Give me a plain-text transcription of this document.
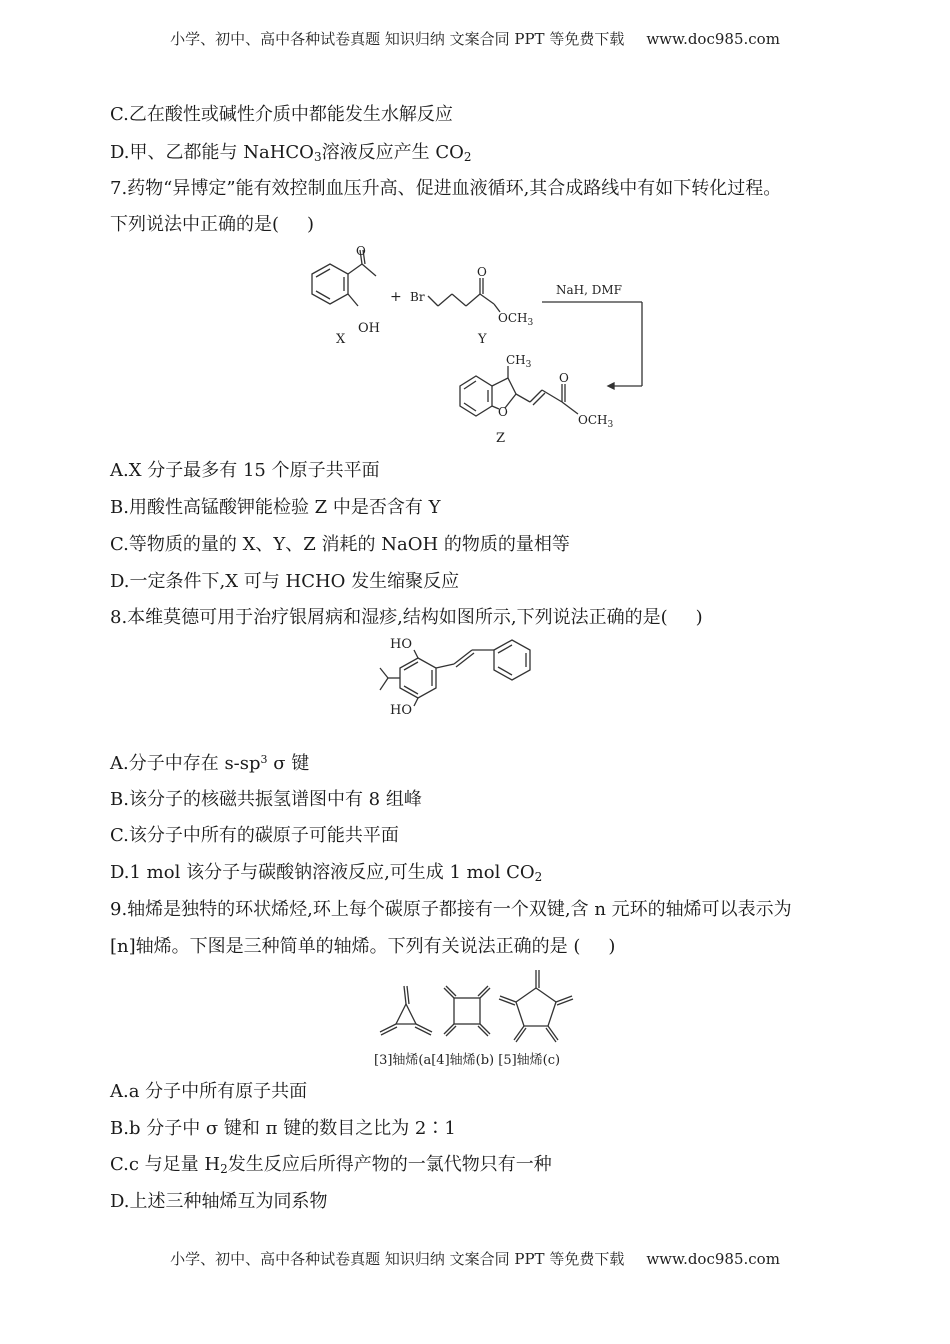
小学、初中、高中各种试卷真题 知识归纳 文案合同 PPT 等免费下载 www.doc985.com
C.乙在酸性或碱性介质中都能发生水解反应
D.甲、乙都能与 NaHCO$_3$溶液反应产生 $CO_2$
7.药物“异博定”能有效控制血压升高、促进血液循环,其合成路线中有如下转化过程。
下列说法中正确的是( )
O
OH
X
+ Br
O
$OCH_3$
Y
NaH, DMF
$CH_3$
O
O
$OCH_3$
Z
A.X 分子最多有 15 个原子共平面
B.用酸性高锰酸钾能检验 Z 中是否含有 Y
C.等物质的量的 X、Y、Z 消耗的 NaOH 的物质的量相等
D.一定条件下,X 可与 HCHO 发生缩聚反应
8.本维莫德可用于治疗银屑病和湿疹,结构如图所示,下列说法正确的是( )
HO
HO
A.分子中存在 $s-sp^3$ σ 键
B.该分子的核磁共振氢谱图中有 8 组峰
C.该分子中所有的碳原子可能共平面
D.1 mol 该分子与碳酸钠溶液反应,可生成 1 mol $CO_2$
9.轴烯是独特的环状烯烃,环上每个碳原子都接有一个双键,含 n 元环的轴烯可以表示为
[n]轴烯。下图是三种简单的轴烯。下列有关说法正确的是 ( )
[3]轴烯(a[4]轴烯(b) [5]轴烯(c)
A.a 分子中所有原子共面
B.b 分子中 σ 键和 π 键的数目之比为 2∶1
C.c 与足量 $H_2$发生反应后所得产物的一氯代物只有一种
D.上述三种轴烯互为同系物
小学、初中、高中各种试卷真题 知识归纳 文案合同 PPT 等免费下载 www.doc985.com
